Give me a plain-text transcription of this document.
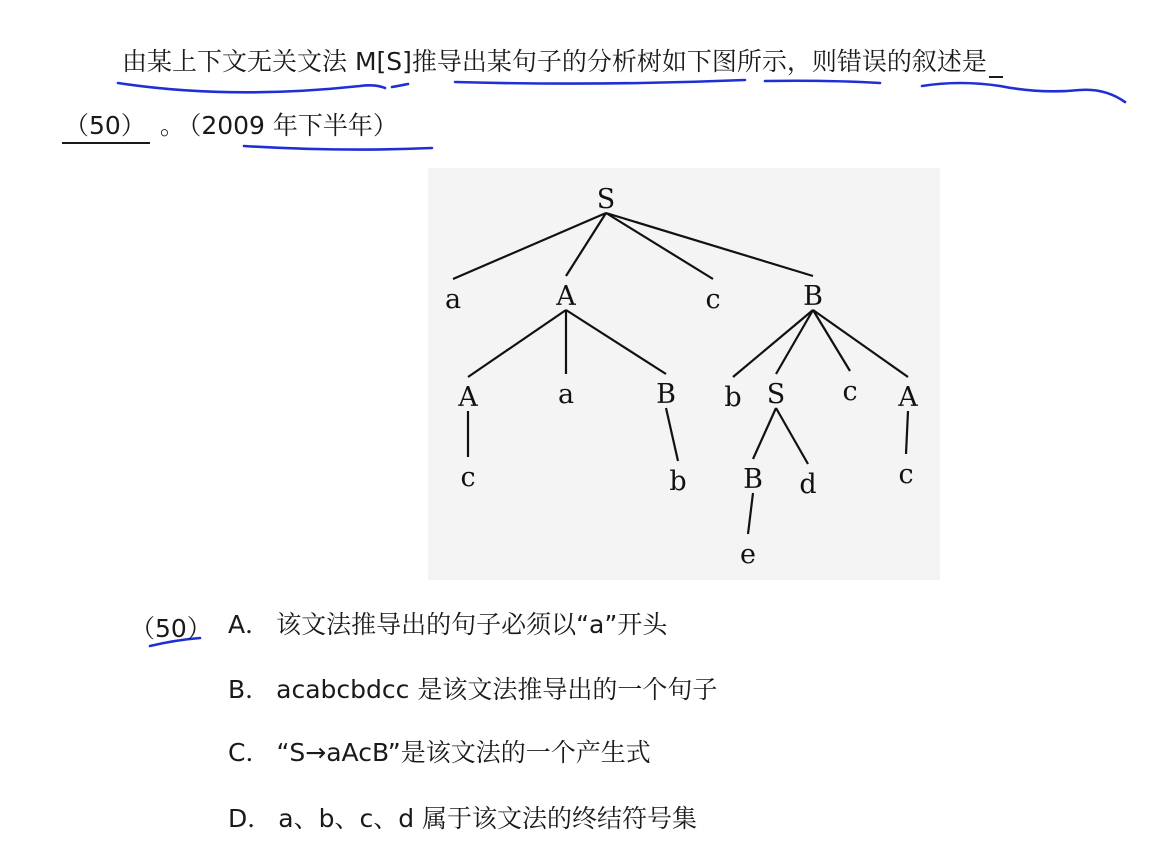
由某上下文无关文法 M[S]推导出某句子的分析树如下图所示，则错误的叙述是
（50） 。 （2009 年下半年）
S
a	A	c	B
A	a	B
c	b
b S c A
B d	c
e
（50） A． 该文法推导出的句子必须以“a”开头
B． acabcbdcc 是该文法推导出的一个句子
C． “S→aAcB”是该文法的一个产生式
D． a、b、c、d 属于该文法的终结符号集
